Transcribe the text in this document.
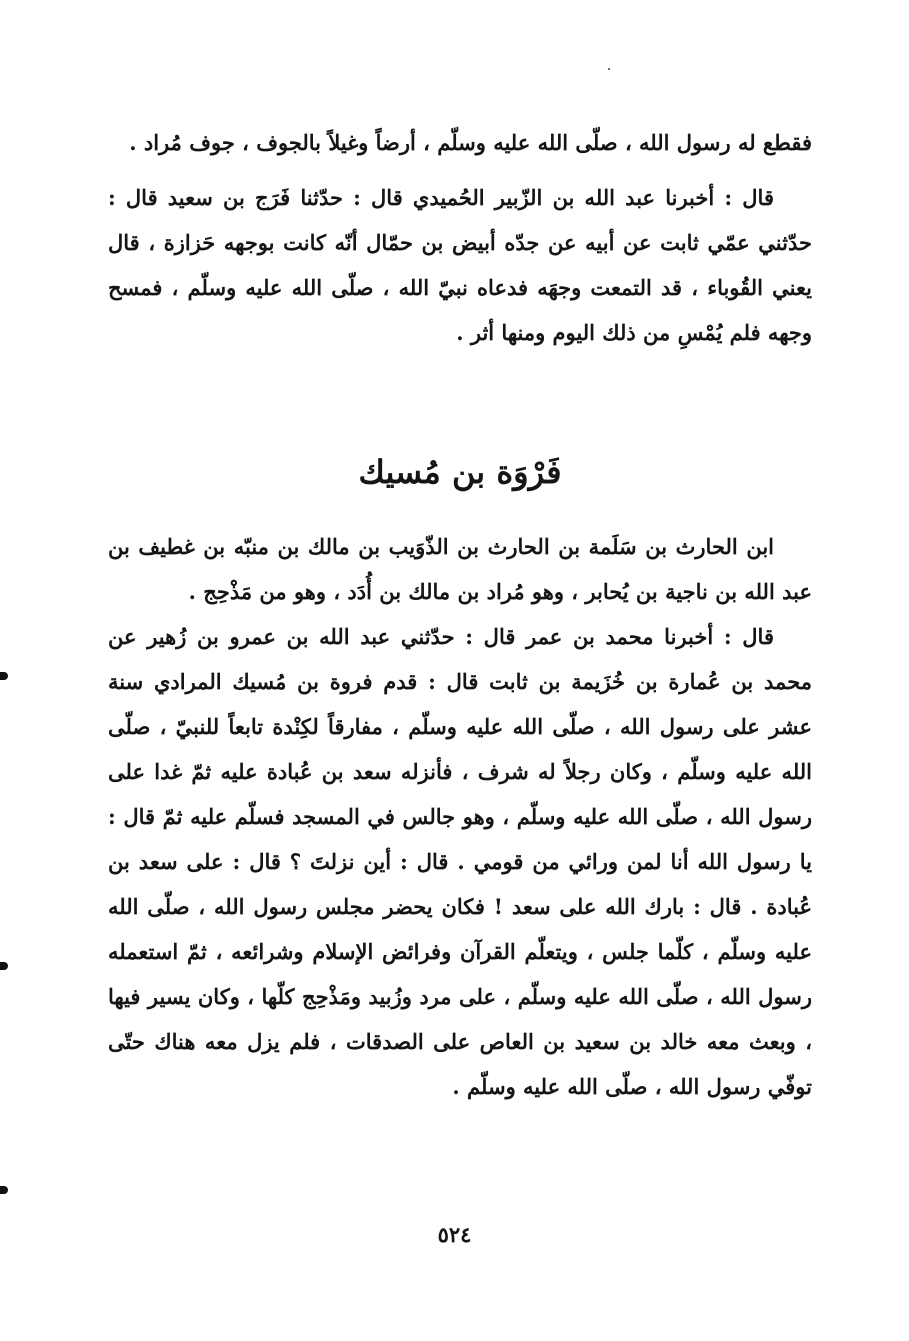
فقطع له رسول الله ، صلّى الله عليه وسلّم ، أرضاً وغيلاً بالجوف ، جوف مُراد .

قال : أخبرنا عبد الله بن الزّبير الحُميدي قال : حدّثنا فَرَج بن سعيد قال : حدّثني عمّي ثابت عن أبيه عن جدّه أبيض بن حمّال أنّه كانت بوجهه حَزازة ، قال يعني القُوباء ، قد التمعت وجهَه فدعاه نبيّ الله ، صلّى الله عليه وسلّم ، فمسح وجهه فلم يُمْسِ من ذلك اليوم ومنها أثر .

فَرْوَة بن مُسيك

ابن الحارث بن سَلَمة بن الحارث بن الذّوَيب بن مالك بن منبّه بن غطيف بن عبد الله بن ناجية بن يُحابر ، وهو مُراد بن مالك بن أُدَد ، وهو من مَذْحِج .

قال : أخبرنا محمد بن عمر قال : حدّثني عبد الله بن عمرو بن زُهير عن محمد بن عُمارة بن خُزَيمة بن ثابت قال : قدم فروة بن مُسيك المرادي سنة عشر على رسول الله ، صلّى الله عليه وسلّم ، مفارقاً لكِنْدة تابعاً للنبيّ ، صلّى الله عليه وسلّم ، وكان رجلاً له شرف ، فأنزله سعد بن عُبادة عليه ثمّ غدا على رسول الله ، صلّى الله عليه وسلّم ، وهو جالس في المسجد فسلّم عليه ثمّ قال : يا رسول الله أنا لمن ورائي من قومي . قال : أين نزلتَ ؟ قال : على سعد بن عُبادة . قال : بارك الله على سعد ! فكان يحضر مجلس رسول الله ، صلّى الله عليه وسلّم ، كلّما جلس ، ويتعلّم القرآن وفرائض الإسلام وشرائعه ، ثمّ استعمله رسول الله ، صلّى الله عليه وسلّم ، على مرد وزُبيد ومَذْحِج كلّها ، وكان يسير فيها ، وبعث معه خالد بن سعيد بن العاص على الصدقات ، فلم يزل معه هناك حتّى توفّي رسول الله ، صلّى الله عليه وسلّم .

٥٢٤
